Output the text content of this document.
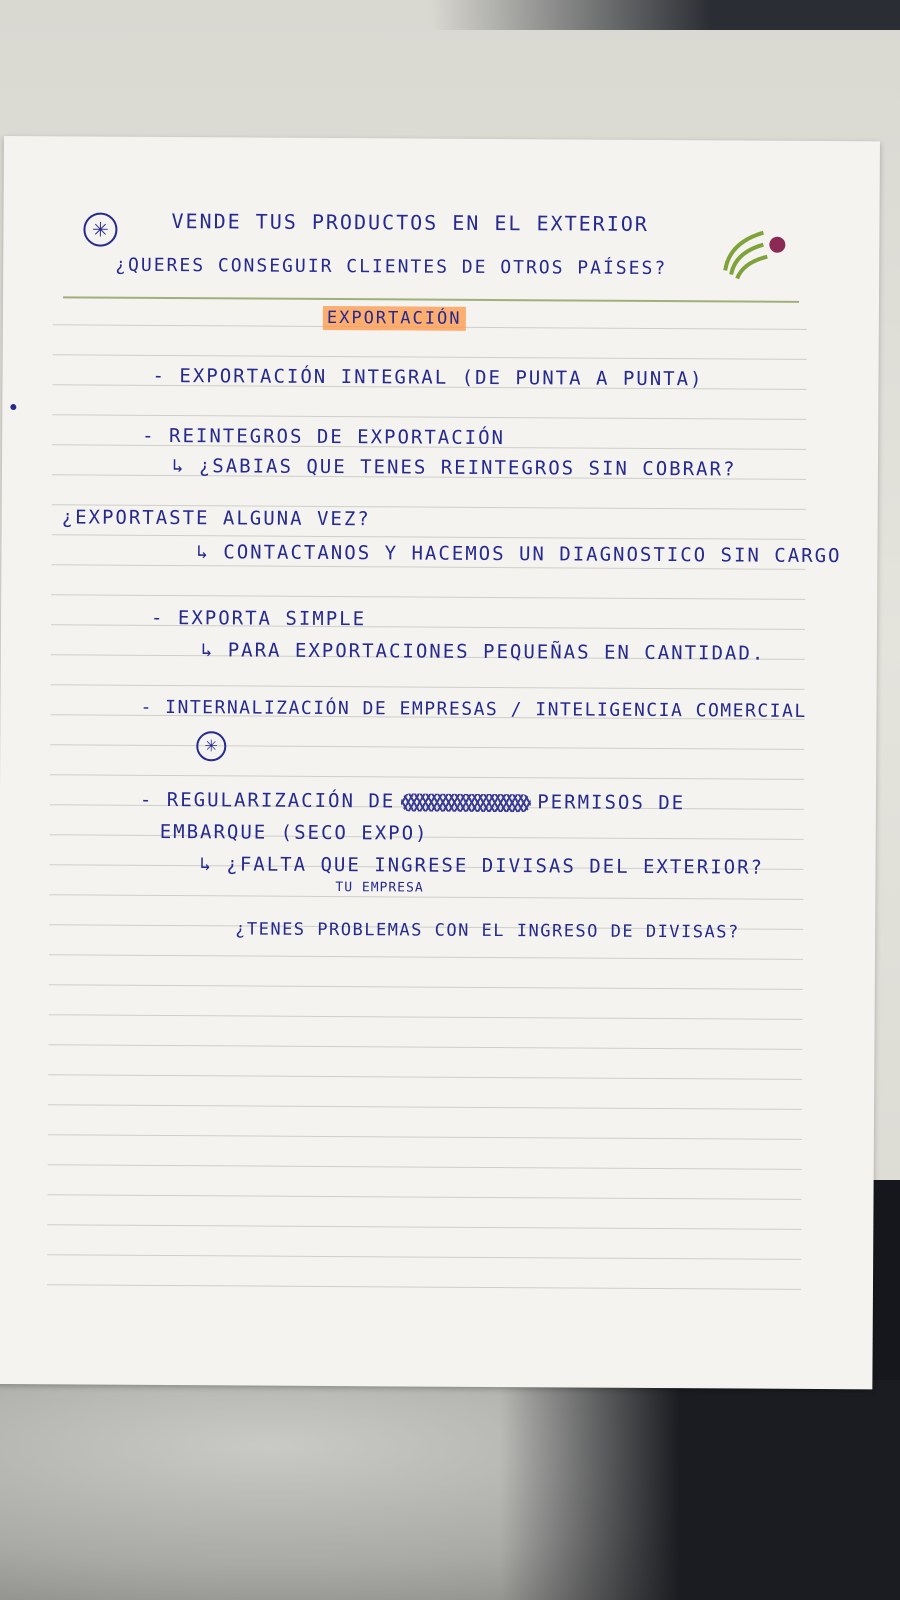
✳	VENDE TUS PRODUCTOS EN EL EXTERIOR
¿QUERES CONSEGUIR CLIENTES DE OTROS PAÍSES?
EXPORTACIÓN
- EXPORTACIÓN INTEGRAL (DE PUNTA A PUNTA)
- REINTEGROS DE EXPORTACIÓN
↳ ¿SABIAS QUE TENES REINTEGROS SIN COBRAR?
¿EXPORTASTE ALGUNA VEZ?
↳ CONTACTANOS Y HACEMOS UN DIAGNOSTICO SIN CARGO
- EXPORTA SIMPLE
↳ PARA EXPORTACIONES PEQUEÑAS EN CANTIDAD.
- INTERNALIZACIÓN DE EMPRESAS / INTELIGENCIA COMERCIAL
✳
- REGULARIZACIÓN DE	PERMISOS DE
EMBARQUE (SECO EXPO)
↳ ¿FALTA QUE INGRESE DIVISAS DEL EXTERIOR?
TU EMPRESA
¿TENES PROBLEMAS CON EL INGRESO DE DIVISAS?
